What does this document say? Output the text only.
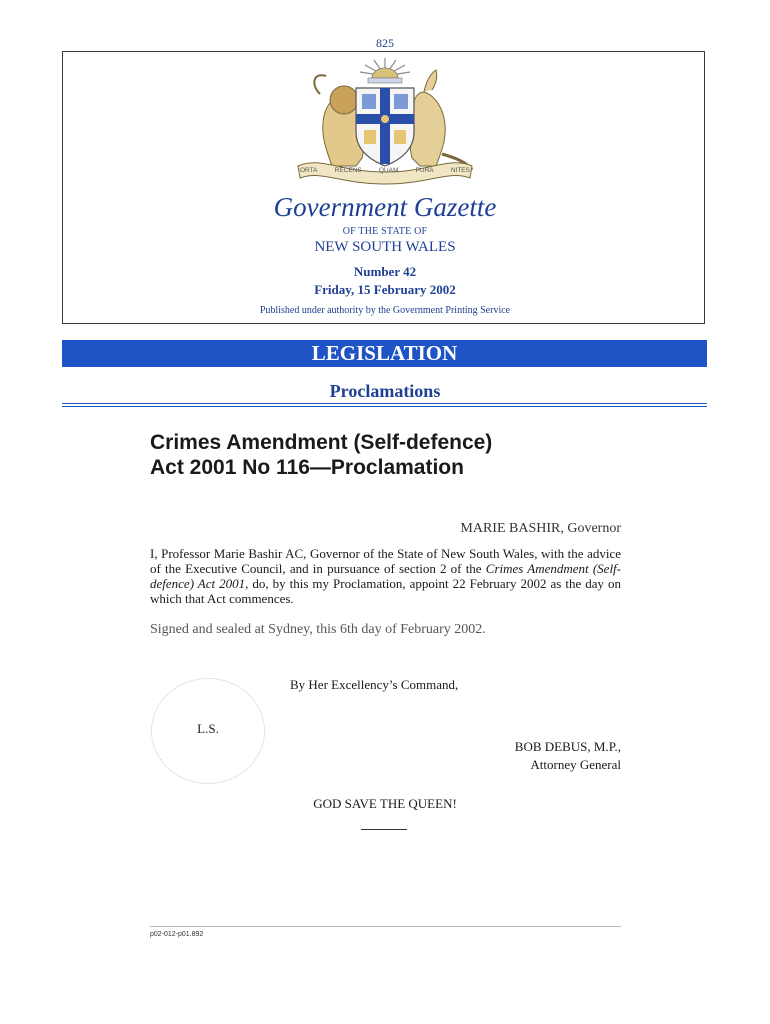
825
ORTA	RECENS	QUAM	PURA	NITES
Government Gazette
OF THE STATE OF
NEW SOUTH WALES
Number 42
Friday, 15 February 2002
Published under authority by the Government Printing Service
LEGISLATION
Proclamations
Crimes Amendment (Self-defence)
Act 2001 No 116—Proclamation
MARIE BASHIR, Governor
I, Professor Marie Bashir AC, Governor of the State of New South Wales, with the advice of the Executive Council, and in pursuance of section 2 of the Crimes Amendment (Self-defence) Act 2001, do, by this my Proclamation, appoint 22 February 2002 as the day on which that Act commences.
Signed and sealed at Sydney, this 6th day of February 2002.
By Her Excellency’s Command,
L.S.
BOB DEBUS, M.P.,
Attorney General
GOD SAVE THE QUEEN!
p02-012-p01.892
